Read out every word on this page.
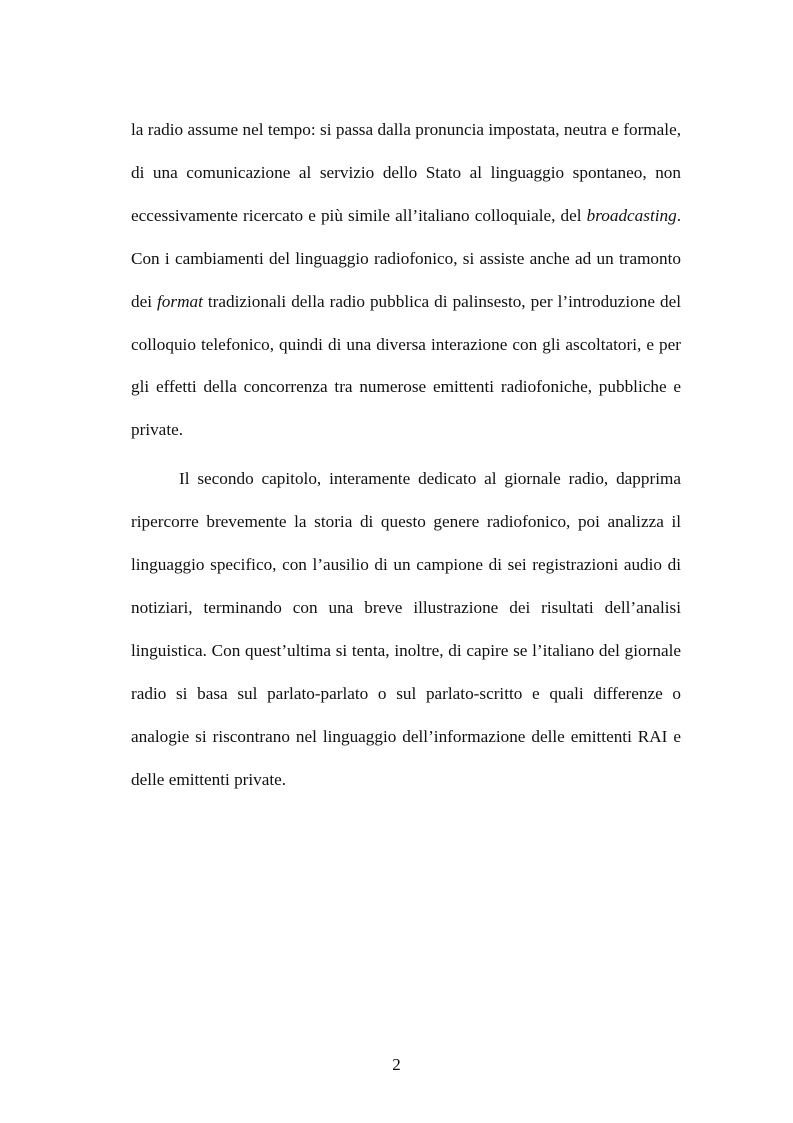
la radio assume nel tempo: si passa dalla pronuncia impostata, neutra e formale, di una comunicazione al servizio dello Stato al linguaggio spontaneo, non eccessivamente ricercato e più simile all’italiano colloquiale, del broadcasting. Con i cambiamenti del linguaggio radiofonico, si assiste anche ad un tramonto dei format tradizionali della radio pubblica di palinsesto, per l’introduzione del colloquio telefonico, quindi di una diversa interazione con gli ascoltatori, e per gli effetti della concorrenza tra numerose emittenti radiofoniche, pubbliche e private.

Il secondo capitolo, interamente dedicato al giornale radio, dapprima ripercorre brevemente la storia di questo genere radiofonico, poi analizza il linguaggio specifico, con l’ausilio di un campione di sei registrazioni audio di notiziari, terminando con una breve illustrazione dei risultati dell’analisi linguistica. Con quest’ultima si tenta, inoltre, di capire se l’italiano del giornale radio si basa sul parlato-parlato o sul parlato-scritto e quali differenze o analogie si riscontrano nel linguaggio dell’informazione delle emittenti RAI e delle emittenti private.

2
